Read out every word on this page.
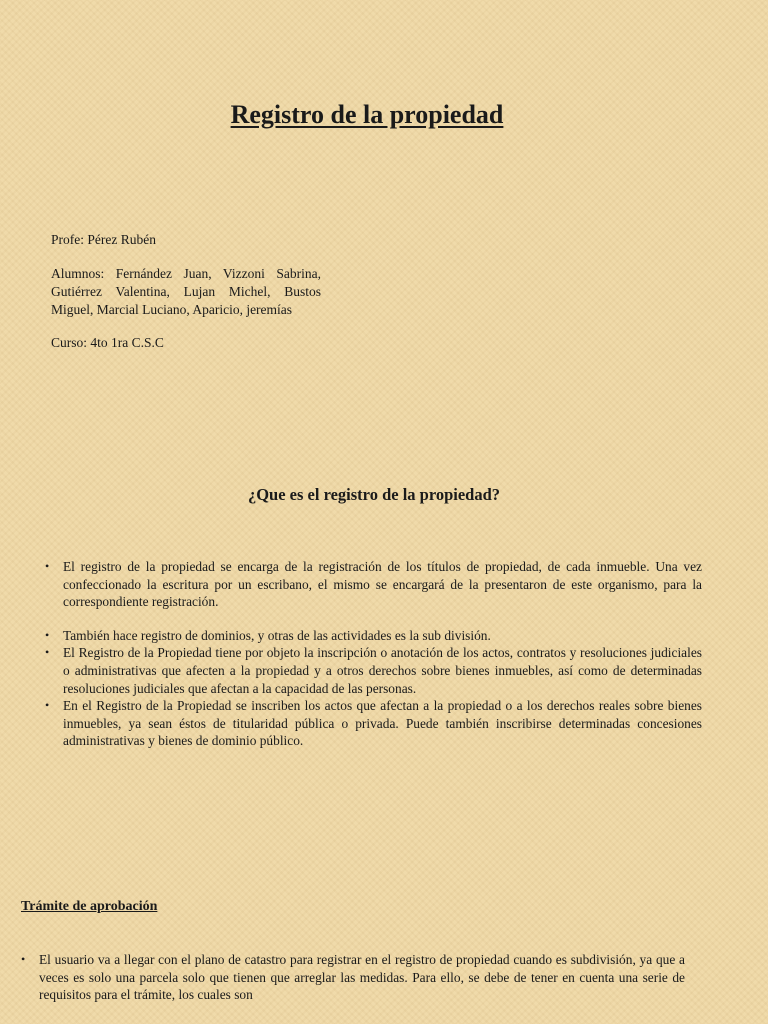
Registro de la propiedad

Profe: Pérez Rubén

Alumnos: Fernández Juan, Vizzoni Sabrina, Gutiérrez Valentina, Lujan Michel, Bustos Miguel, Marcial Luciano, Aparicio, jeremías

Curso: 4to 1ra C.S.C

¿Que es el registro de la propiedad?
• El registro de la propiedad se encarga de la registración de los títulos de propiedad, de cada inmueble. Una vez confeccionado la escritura por un escribano, el mismo se encargará de la presentaron de este organismo, para la correspondiente registración.
• También hace registro de dominios, y otras de las actividades es la sub división.
• El Registro de la Propiedad tiene por objeto la inscripción o anotación de los actos, contratos y resoluciones judiciales o administrativas que afecten a la propiedad y a otros derechos sobre bienes inmuebles, así como de determinadas resoluciones judiciales que afectan a la capacidad de las personas.
• En el Registro de la Propiedad se inscriben los actos que afectan a la propiedad o a los derechos reales sobre bienes inmuebles, ya sean éstos de titularidad pública o privada. Puede también inscribirse determinadas concesiones administrativas y bienes de dominio público.
Trámite de aprobación
• El usuario va a llegar con el plano de catastro para registrar en el registro de propiedad cuando es subdivisión, ya que a veces es solo una parcela solo que tienen que arreglar las medidas. Para ello, se debe de tener en cuenta una serie de requisitos para el trámite, los cuales son
